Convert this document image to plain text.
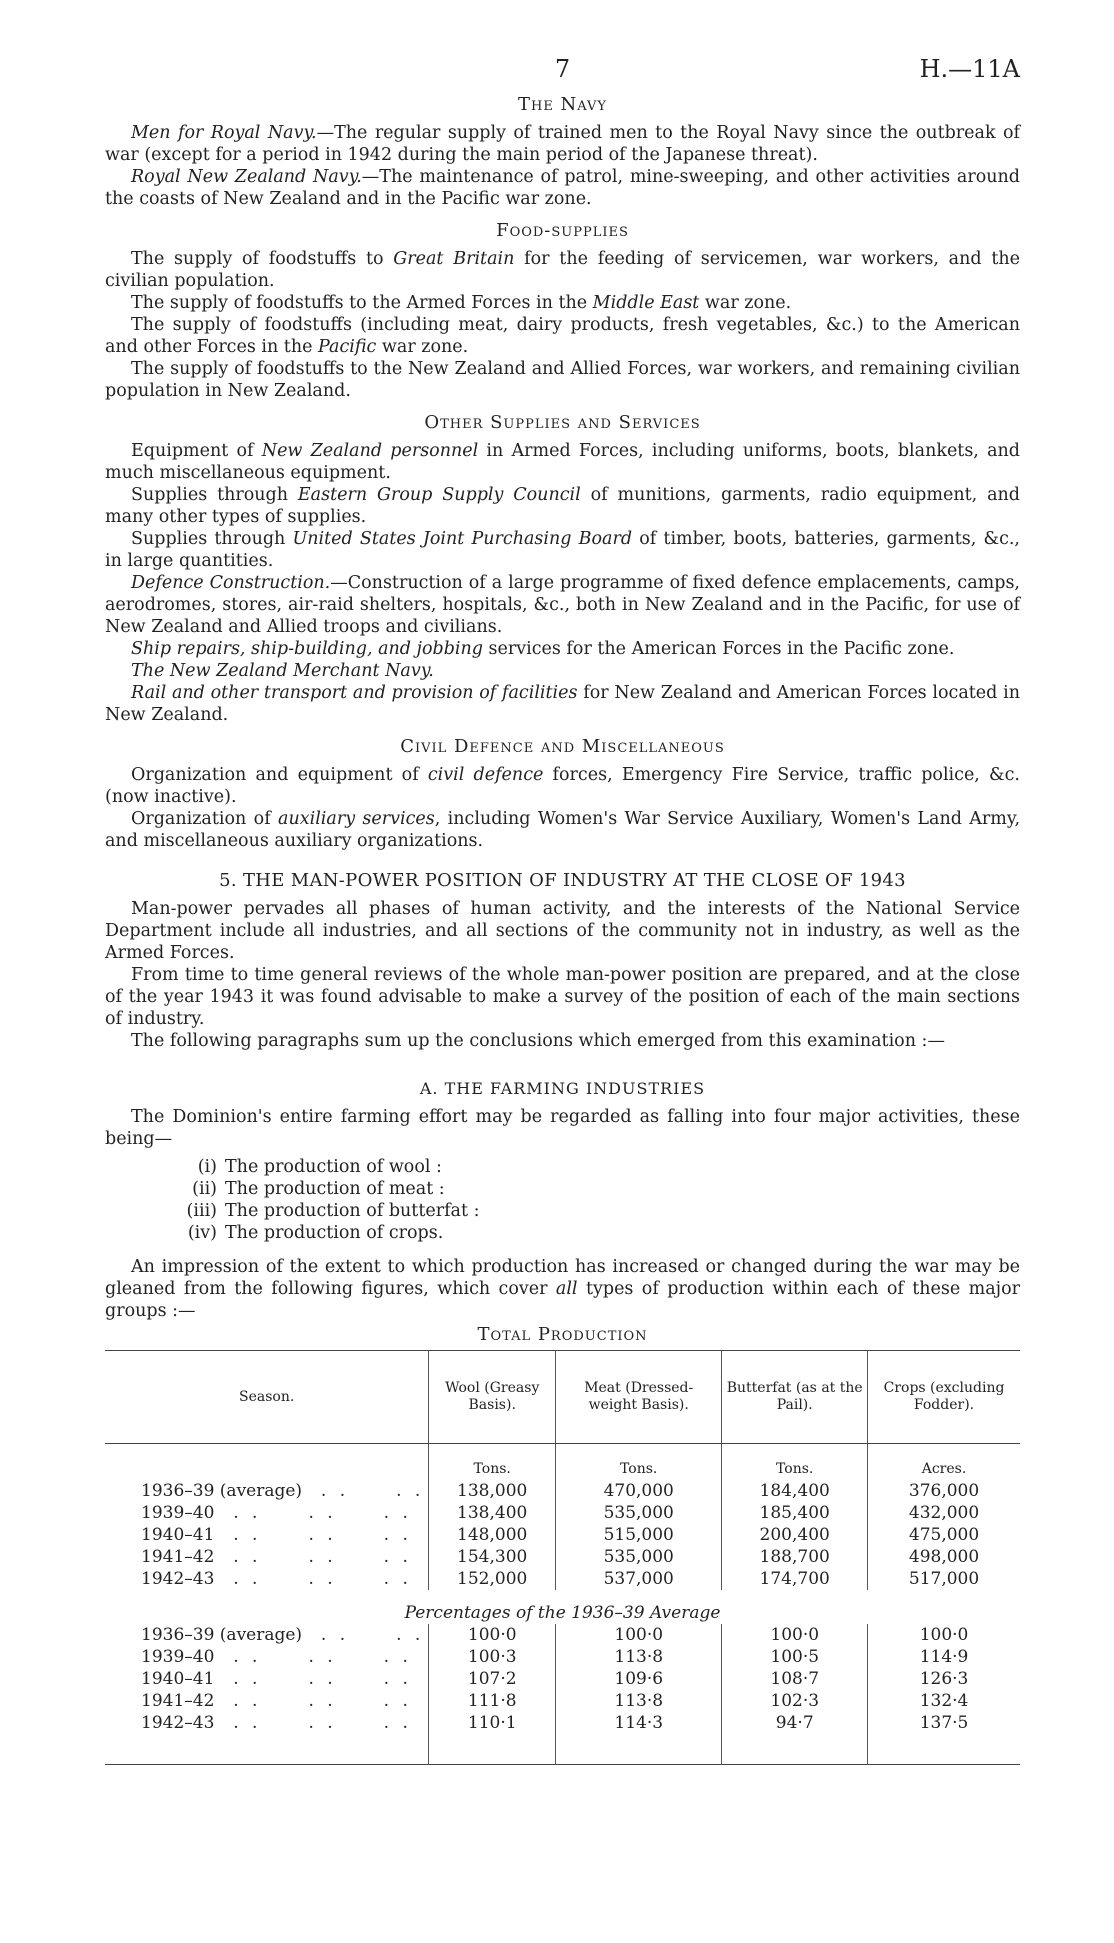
7	H.—11A
The Navy

Men for Royal Navy.—The regular supply of trained men to the Royal Navy since the outbreak of war (except for a period in 1942 during the main period of the Japanese threat).

Royal New Zealand Navy.—The maintenance of patrol, mine-sweeping, and other activities around the coasts of New Zealand and in the Pacific war zone.

Food-supplies

The supply of foodstuffs to Great Britain for the feeding of servicemen, war workers, and the civilian population.

The supply of foodstuffs to the Armed Forces in the Middle East war zone.

The supply of foodstuffs (including meat, dairy products, fresh vegetables, &c.) to the American and other Forces in the Pacific war zone.

The supply of foodstuffs to the New Zealand and Allied Forces, war workers, and remaining civilian population in New Zealand.

Other Supplies and Services

Equipment of New Zealand personnel in Armed Forces, including uniforms, boots, blankets, and much miscellaneous equipment.

Supplies through Eastern Group Supply Council of munitions, garments, radio equipment, and many other types of supplies.

Supplies through United States Joint Purchasing Board of timber, boots, batteries, garments, &c., in large quantities.

Defence Construction.—Construction of a large programme of fixed defence emplacements, camps, aerodromes, stores, air-raid shelters, hospitals, &c., both in New Zealand and in the Pacific, for use of New Zealand and Allied troops and civilians.

Ship repairs, ship-building, and jobbing services for the American Forces in the Pacific zone.

The New Zealand Merchant Navy.

Rail and other transport and provision of facilities for New Zealand and American Forces located in New Zealand.

Civil Defence and Miscellaneous

Organization and equipment of civil defence forces, Emergency Fire Service, traffic police, &c. (now inactive).

Organization of auxiliary services, including Women's War Service Auxiliary, Women's Land Army, and miscellaneous auxiliary organizations.

5. THE MAN-POWER POSITION OF INDUSTRY AT THE CLOSE OF 1943

Man-power pervades all phases of human activity, and the interests of the National Service Department include all industries, and all sections of the community not in industry, as well as the Armed Forces.

From time to time general reviews of the whole man-power position are prepared, and at the close of the year 1943 it was found advisable to make a survey of the position of each of the main sections of industry.

The following paragraphs sum up the conclusions which emerged from this examination :—

A. THE FARMING INDUSTRIES

The Dominion's entire farming effort may be regarded as falling into four major activities, these being—

(i) The production of wool :
(ii) The production of meat :
(iii) The production of butterfat :
(iv) The production of crops.

An impression of the extent to which production has increased or changed during the war may be gleaned from the following figures, which cover all types of production within each of these major groups :—

Total Production
Season.	Wool (Greasy Basis).	Meat (Dressed-weight Basis).	Butterfat (as at the Pail).	Crops (excluding Fodder).
	Tons.	Tons.	Tons.	Acres.
1936–39 (average)  . .     . .	138,000	470,000	184,400	376,000
1939–40  . .     . .     . .	138,400	535,000	185,400	432,000
1940–41  . .     . .     . .	148,000	515,000	200,400	475,000
1941–42  . .     . .     . .	154,300	535,000	188,700	498,000
1942–43  . .     . .     . .	152,000	537,000	174,700	517,000
Percentages of the 1936–39 Average				
1936–39 (average)  . .     . .	100·0	100·0	100·0	100·0
1939–40  . .     . .     . .	100·3	113·8	100·5	114·9
1940–41  . .     . .     . .	107·2	109·6	108·7	126·3
1941–42  . .     . .     . .	111·8	113·8	102·3	132·4
1942–43  . .     . .     . .	110·1	114·3	94·7	137·5
